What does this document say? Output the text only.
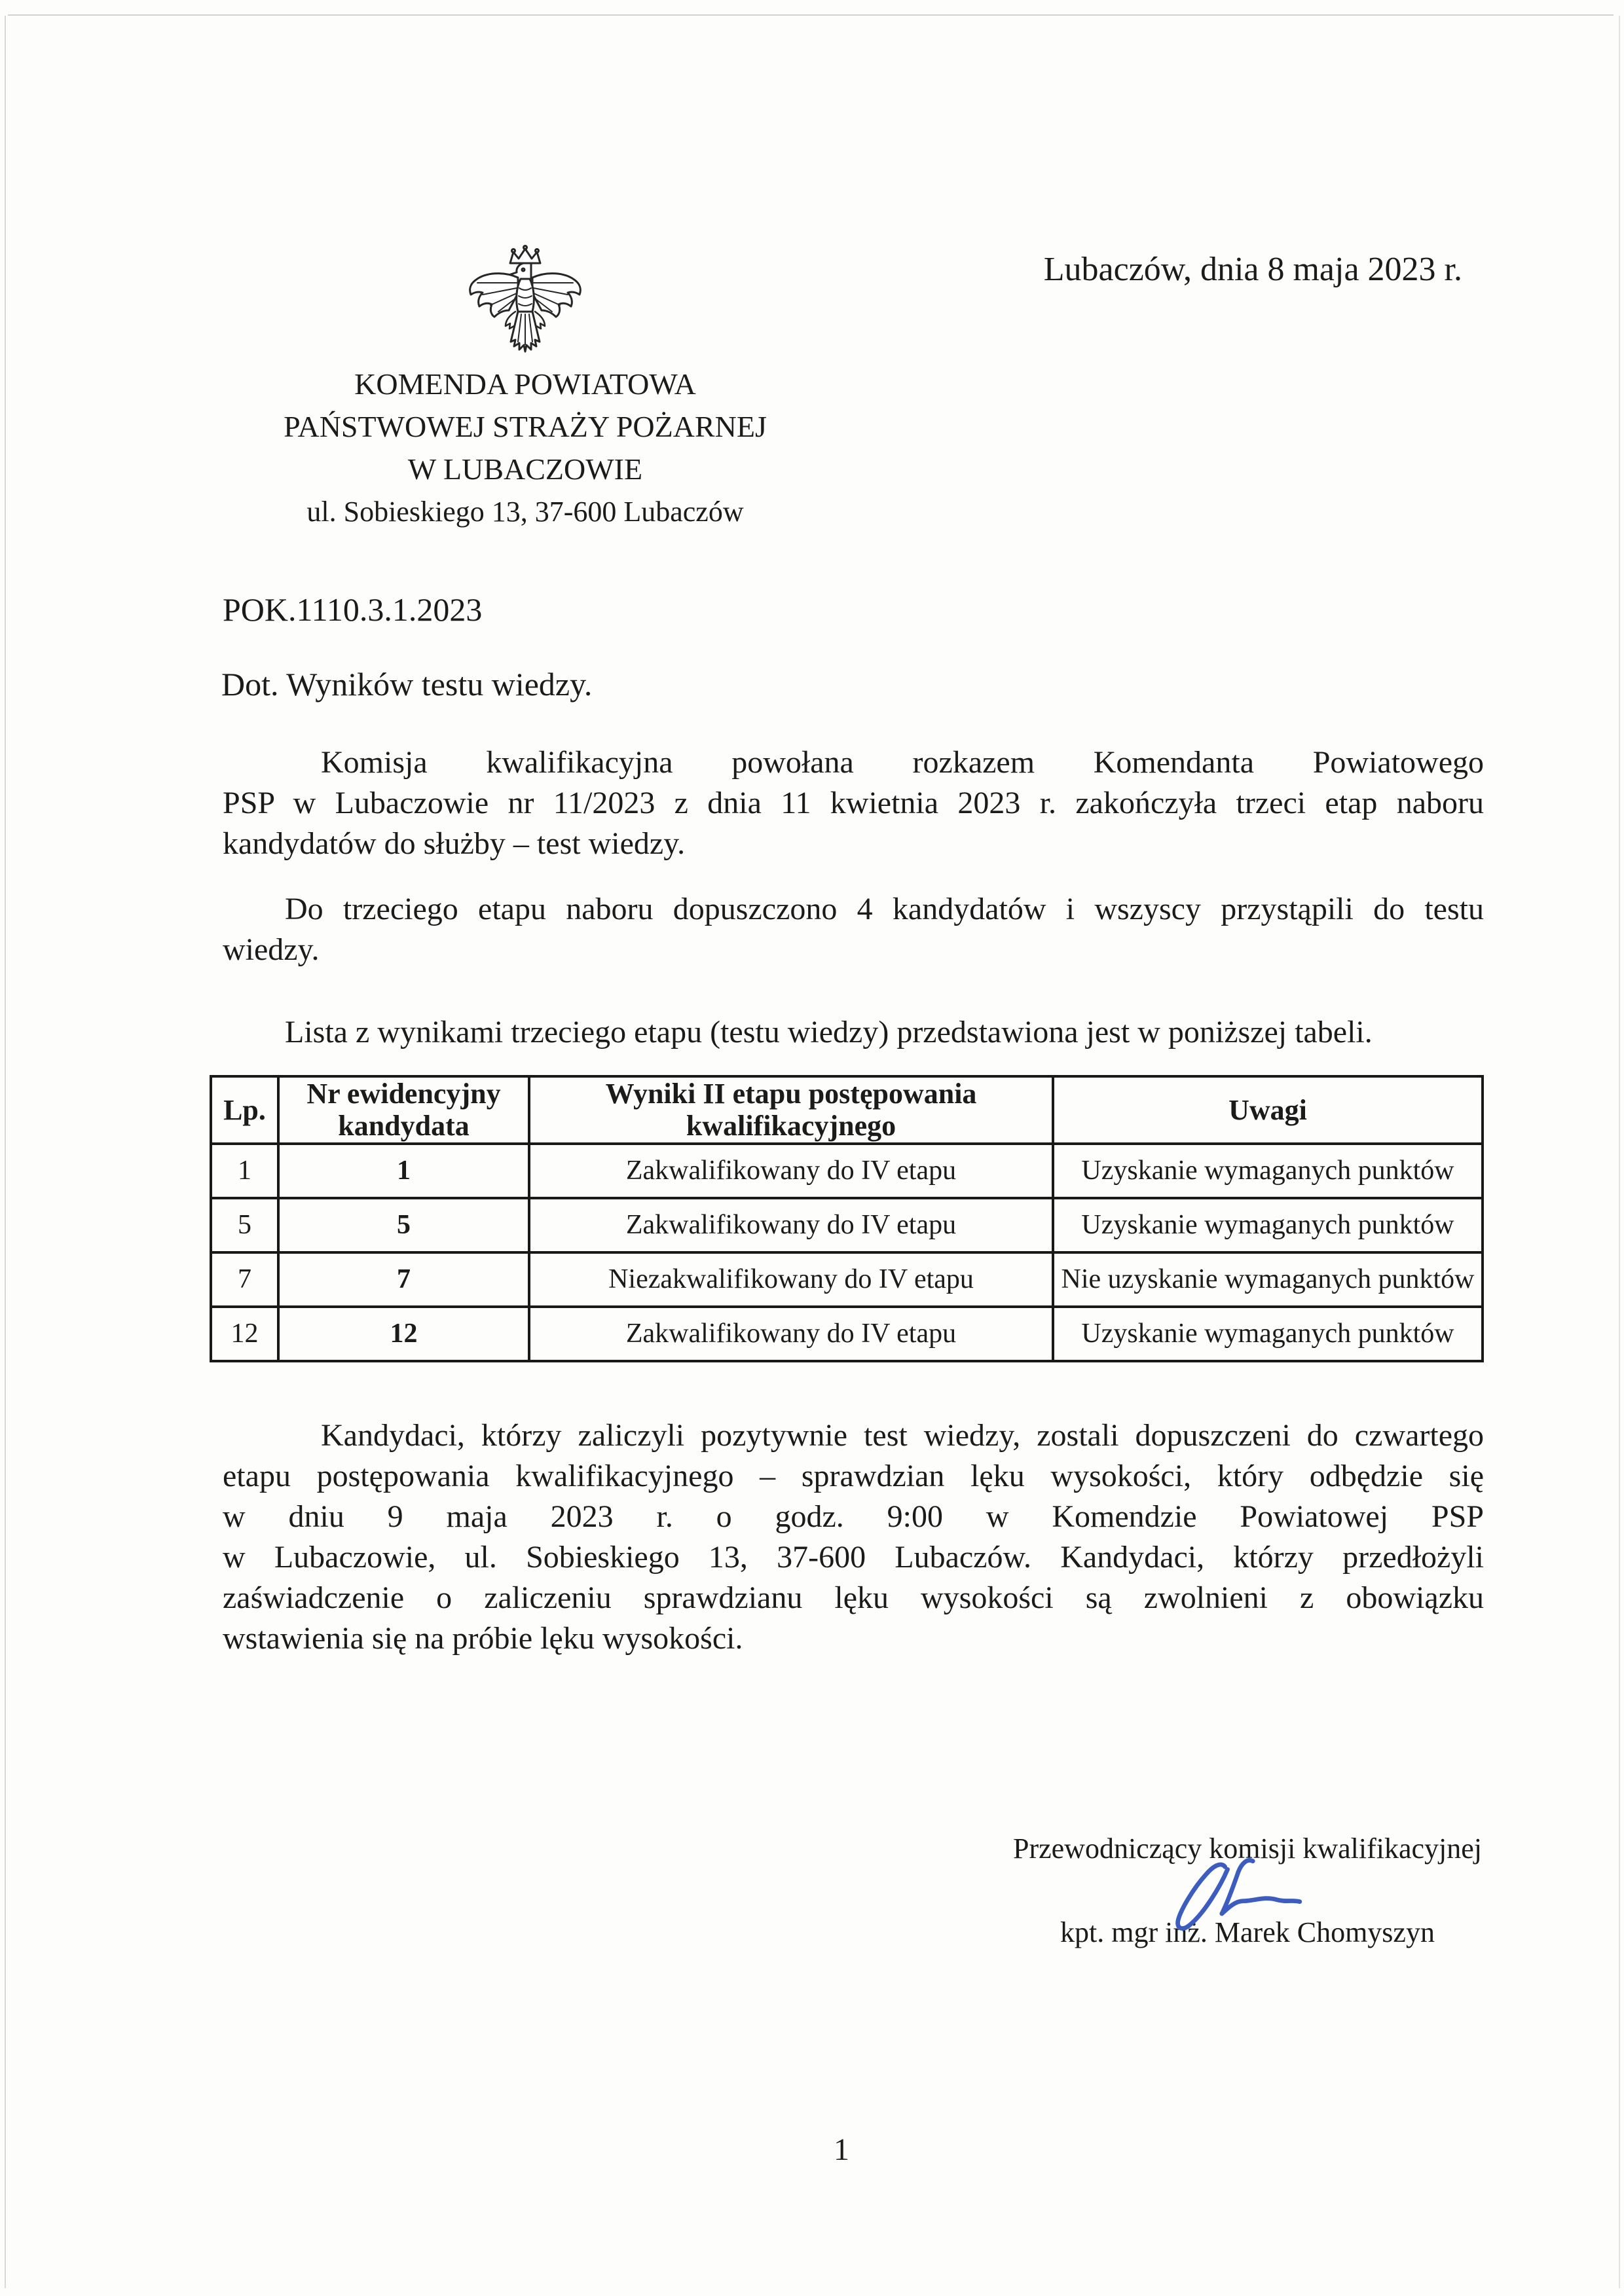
Lubaczów, dnia 8 maja 2023 r.
KOMENDA POWIATOWA
PAŃSTWOWEJ STRAŻY POŻARNEJ
W LUBACZOWIE
ul. Sobieskiego 13, 37-600 Lubaczów
POK.1110.3.1.2023
Dot. Wyników testu wiedzy.
Komisja kwalifikacyjna powołana rozkazem Komendanta Powiatowego
PSP w Lubaczowie nr 11/2023 z dnia 11 kwietnia 2023 r. zakończyła trzeci etap naboru
kandydatów do służby – test wiedzy.
Do trzeciego etapu naboru dopuszczono 4 kandydatów i wszyscy przystąpili do testu
wiedzy.
Lista z wynikami trzeciego etapu (testu wiedzy) przedstawiona jest w poniższej tabeli.
Lp.	Nr ewidencyjny kandydata	Wyniki II etapu postępowania kwalifikacyjnego	Uwagi
1	1	Zakwalifikowany do IV etapu	Uzyskanie wymaganych punktów
5	5	Zakwalifikowany do IV etapu	Uzyskanie wymaganych punktów
7	7	Niezakwalifikowany do IV etapu	Nie uzyskanie wymaganych punktów
12	12	Zakwalifikowany do IV etapu	Uzyskanie wymaganych punktów
Kandydaci, którzy zaliczyli pozytywnie test wiedzy, zostali dopuszczeni do czwartego
etapu postępowania kwalifikacyjnego – sprawdzian lęku wysokości, który odbędzie się
w dniu 9 maja 2023 r. o godz. 9:00 w Komendzie Powiatowej PSP
w Lubaczowie, ul. Sobieskiego 13, 37-600 Lubaczów. Kandydaci, którzy przedłożyli
zaświadczenie o zaliczeniu sprawdzianu lęku wysokości są zwolnieni z obowiązku
wstawienia się na próbie lęku wysokości.
Przewodniczący komisji kwalifikacyjnej
kpt. mgr inż. Marek Chomyszyn
1
